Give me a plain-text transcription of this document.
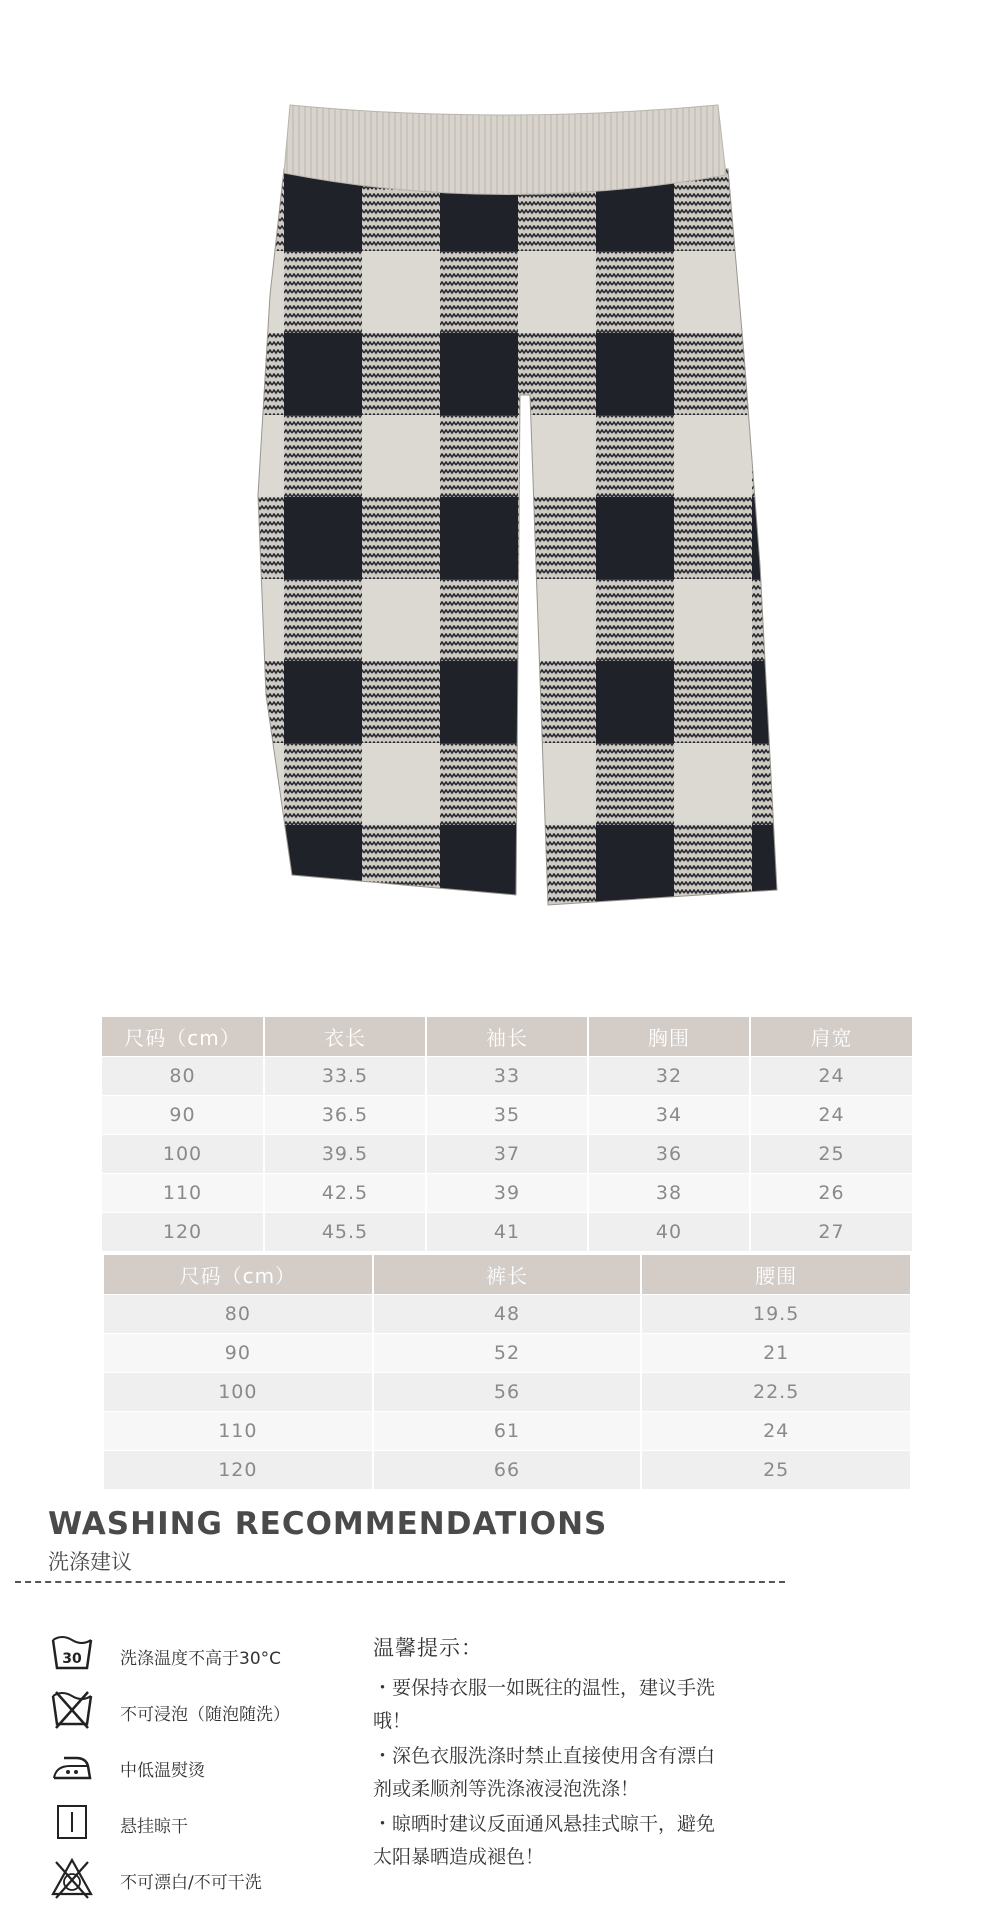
尺码（cm）	衣长	袖长	胸围	肩宽
80	33.5	33	32	24
90	36.5	35	34	24
100	39.5	37	36	25
110	42.5	39	38	26
120	45.5	41	40	27
尺码（cm）	裤长	腰围
80	48	19.5
90	52	21
100	56	22.5
110	61	24
120	66	25
WASHING RECOMMENDATIONS
洗涤建议
30 洗涤温度不高于30°C
不可浸泡（随泡随洗）
中低温熨烫
悬挂晾干
不可漂白/不可干洗
温馨提示：

・要保持衣服一如既往的温性，建议手洗哦！

・深色衣服洗涤时禁止直接使用含有漂白剂或柔顺剂等洗涤液浸泡洗涤！

・晾晒时建议反面通风悬挂式晾干，避免太阳暴晒造成褪色！
